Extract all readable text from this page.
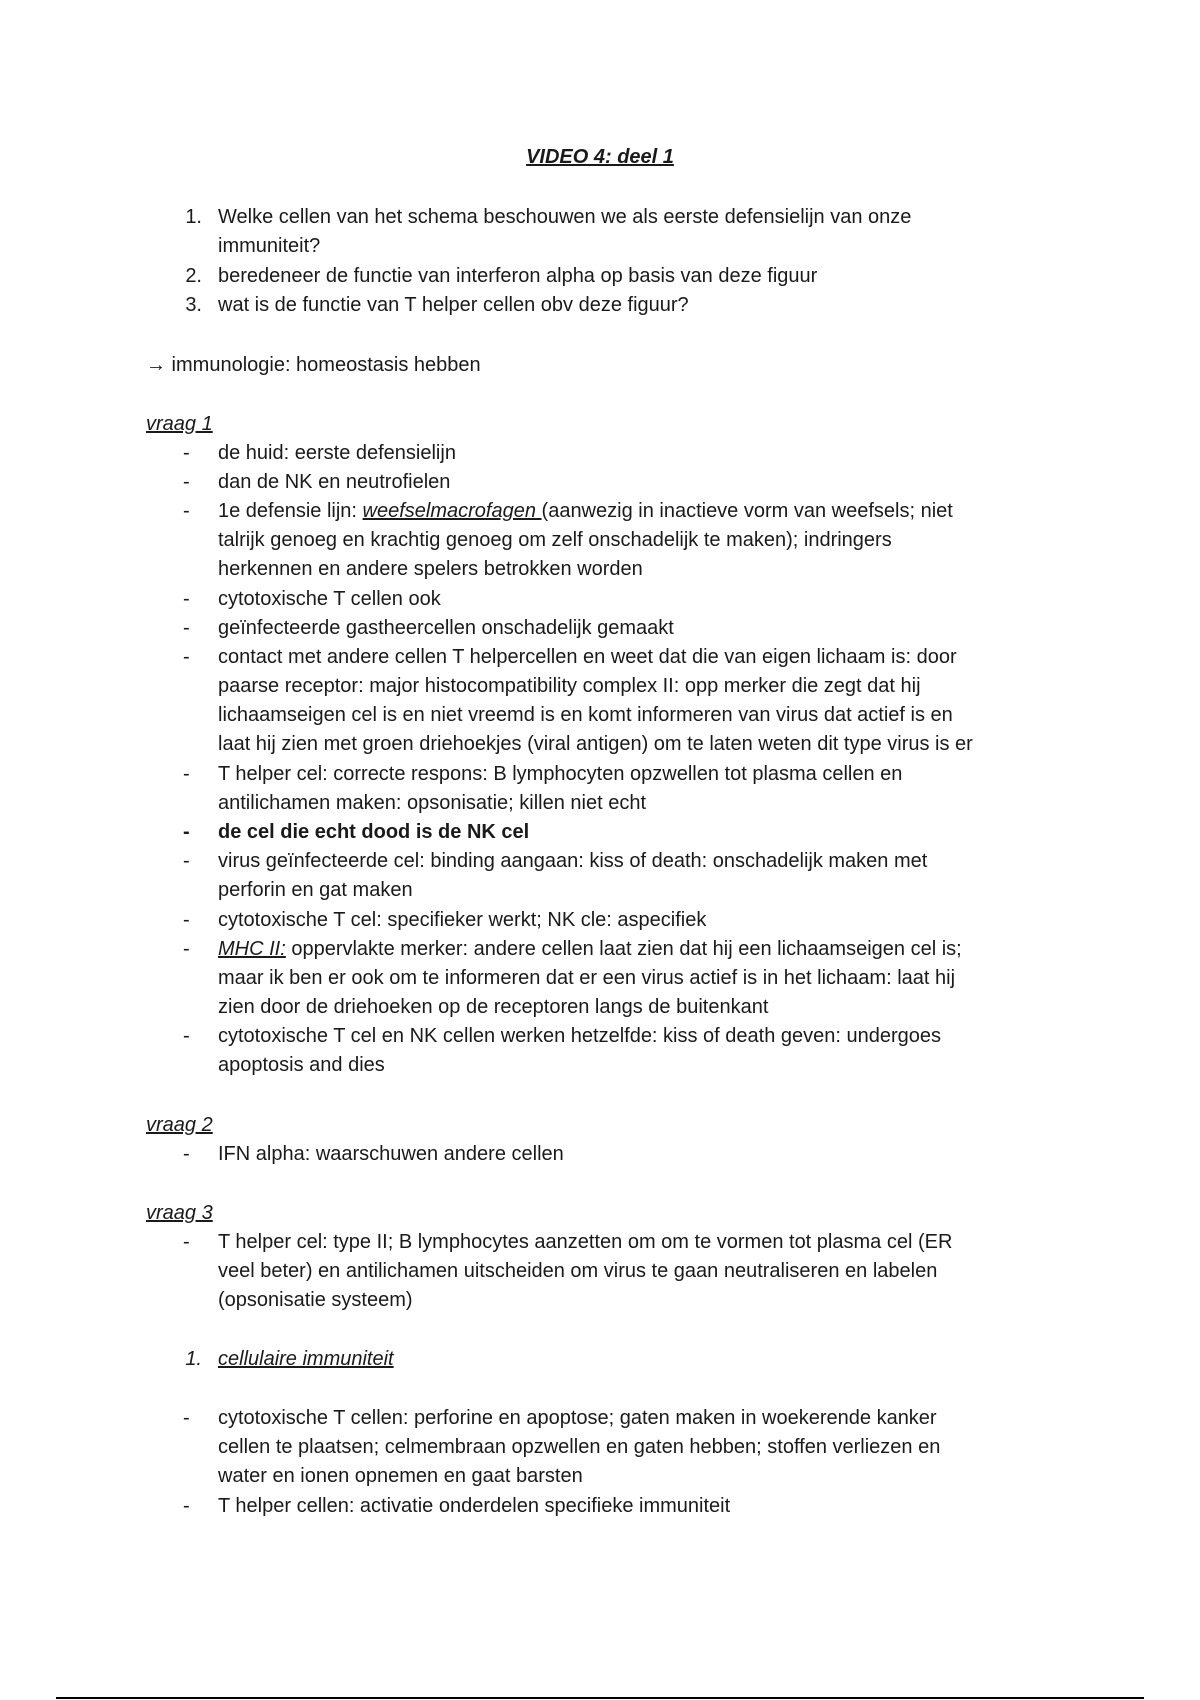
VIDEO 4: deel 1
1. Welke cellen van het schema beschouwen we als eerste defensielijn van onze
immuniteit?
2. beredeneer de functie van interferon alpha op basis van deze figuur
3. wat is de functie van T helper cellen obv deze figuur?
→ immunologie: homeostasis hebben
vraag 1
- de huid: eerste defensielijn
- dan de NK en neutrofielen
- 1e defensie lijn: weefselmacrofagen (aanwezig in inactieve vorm van weefsels; niet
talrijk genoeg en krachtig genoeg om zelf onschadelijk te maken); indringers
herkennen en andere spelers betrokken worden
- cytotoxische T cellen ook
- geïnfecteerde gastheercellen onschadelijk gemaakt
- contact met andere cellen T helpercellen en weet dat die van eigen lichaam is: door
paarse receptor: major histocompatibility complex II: opp merker die zegt dat hij
lichaamseigen cel is en niet vreemd is en komt informeren van virus dat actief is en
laat hij zien met groen driehoekjes (viral antigen) om te laten weten dit type virus is er
- T helper cel: correcte respons: B lymphocyten opzwellen tot plasma cellen en
antilichamen maken: opsonisatie; killen niet echt
- de cel die echt dood is de NK cel
- virus geïnfecteerde cel: binding aangaan: kiss of death: onschadelijk maken met
perforin en gat maken
- cytotoxische T cel: specifieker werkt; NK cle: aspecifiek
- MHC II: oppervlakte merker: andere cellen laat zien dat hij een lichaamseigen cel is;
maar ik ben er ook om te informeren dat er een virus actief is in het lichaam: laat hij
zien door de driehoeken op de receptoren langs de buitenkant
- cytotoxische T cel en NK cellen werken hetzelfde: kiss of death geven: undergoes
apoptosis and dies
vraag 2
- IFN alpha: waarschuwen andere cellen
vraag 3
- T helper cel: type II; B lymphocytes aanzetten om om te vormen tot plasma cel (ER
veel beter) en antilichamen uitscheiden om virus te gaan neutraliseren en labelen
(opsonisatie systeem)
1. cellulaire immuniteit
- cytotoxische T cellen: perforine en apoptose; gaten maken in woekerende kanker
cellen te plaatsen; celmembraan opzwellen en gaten hebben; stoffen verliezen en
water en ionen opnemen en gaat barsten
- T helper cellen: activatie onderdelen specifieke immuniteit
